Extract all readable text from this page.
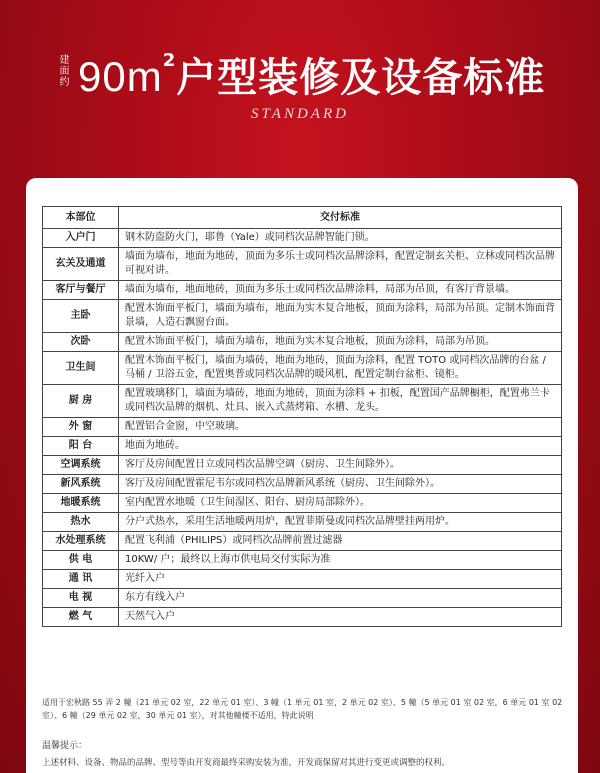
建面约 $90m^2$户型装修及设备标准
STANDARD
本部位	交付标准
入户门	钢木防盗防火门，耶鲁（Yale）或同档次品牌智能门锁。
玄关及通道	墙面为墙布，地面为地砖，顶面为多乐士或同档次品牌涂料，配置定制玄关柜、立林或同档次品牌可视对讲。
客厅与餐厅	墙面为墙布，地面地砖，顶面为多乐士或同档次品牌涂料，局部为吊顶，有客厅背景墙。
主卧	配置木饰面平板门，墙面为墙布，地面为实木复合地板，顶面为涂料，局部为吊顶。定制木饰面背景墙，人造石飘窗台面。
次卧	配置木饰面平板门，墙面为墙布，地面为实木复合地板，顶面为涂料，局部为吊顶。
卫生间	配置木饰面平板门，墙面为墙砖，地面为地砖，顶面为涂料，配置 TOTO 或同档次品牌的台盆 / 马桶 / 卫浴五金，配置奥普或同档次品牌的暖风机，配置定制台盆柜、镜柜。
厨 房	配置玻璃移门，墙面为墙砖，地面为地砖，顶面为涂料 + 扣板，配置国产品牌橱柜，配置弗兰卡或同档次品牌的烟机、灶具、嵌入式蒸烤箱、水槽、龙头。
外 窗	配置铝合金窗，中空玻璃。
阳 台	地面为地砖。
空调系统	客厅及房间配置日立或同档次品牌空调（厨房、卫生间除外）。
新风系统	客厅及房间配置霍尼韦尔或同档次品牌新风系统（厨房、卫生间除外）。
地暖系统	室内配置水地暖（卫生间湿区、阳台、厨房局部除外）。
热水	分户式热水，采用生活地暖两用炉，配置菲斯曼或同档次品牌壁挂两用炉。
水处理系统	配置飞利浦（PHILIPS）或同档次品牌前置过滤器
供 电	10KW/ 户；最终以上海市供电局交付实际为准
通 讯	光纤入户
电 视	东方有线入户
燃 气	天然气入户
适用于宏秋路 55 弄 2 幢（21 单元 02 室，22 单元 01 室）、3 幢（1 单元 01 室，2 单元 02 室）、5 幢（5 单元 01 室 02 室，6 单元 01 室 02 室）、6 幢（29 单元 02 室，30 单元 01 室），对其他幢楼不适用，特此说明
温馨提示：
上述材料、设备、物品的品牌、型号等由开发商最终采购安装为准，开发商保留对其进行变更或调整的权利。
